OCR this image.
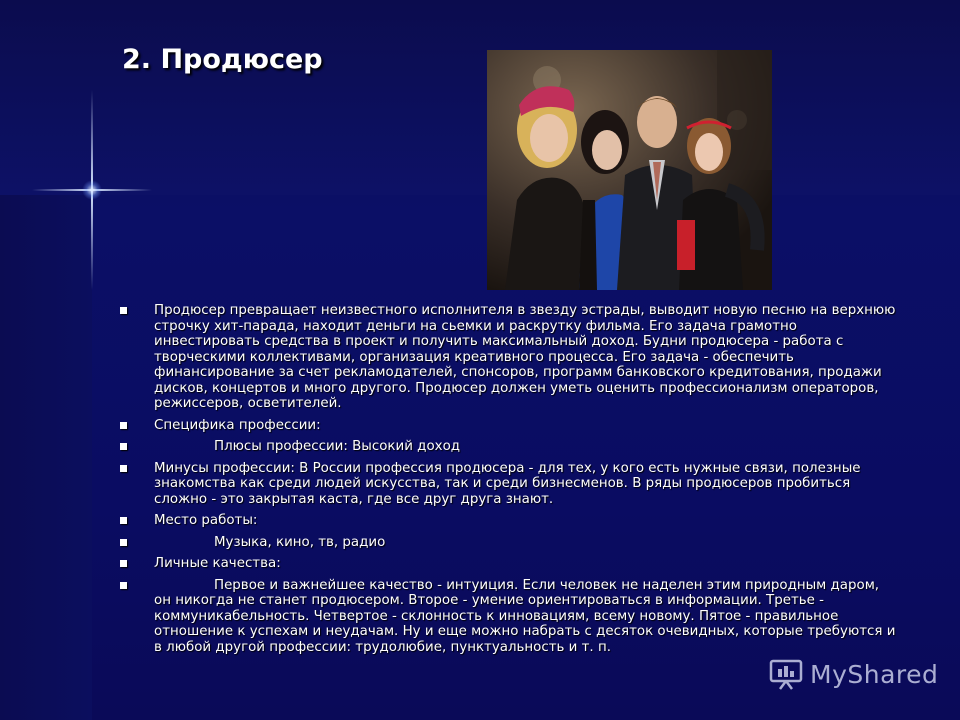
2. Продюсер
Продюсер превращает неизвестного исполнителя в звезду эстрады, выводит новую песню на верхнюю строчку хит-парада, находит деньги на сьемки и раскрутку фильма. Его задача грамотно инвестировать средства в проект и получить максимальный доход. Будни продюсера - работа с творческими коллективами, организация креативного процесса. Его задача - обеспечить финансирование за счет рекламодателей, спонсоров, программ банковского кредитования, продажи дисков, концертов и много другого. Продюсер должен уметь оценить профессионализм операторов, режиссеров, осветителей.
Специфика профессии:
Плюсы профессии: Высокий доход
Минусы профессии: В России профессия продюсера - для тех, у кого есть нужные связи, полезные знакомства как среди людей искусства, так и среди бизнесменов. В ряды продюсеров пробиться сложно - это закрытая каста, где все друг друга знают.
Место работы:
Музыка, кино, тв, радио
Личные качества:
Первое и важнейшее качество - интуиция. Если человек не наделен этим природным даром, он никогда не станет продюсером. Второе - умение ориентироваться в информации. Третье - коммуникабельность. Четвертое - склонность к инновациям, всему новому. Пятое - правильное отношение к успехам и неудачам. Ну и еще можно набрать с десяток очевидных, которые требуются и в любой другой профессии: трудолюбие, пунктуальность и т. п.
MyShared
